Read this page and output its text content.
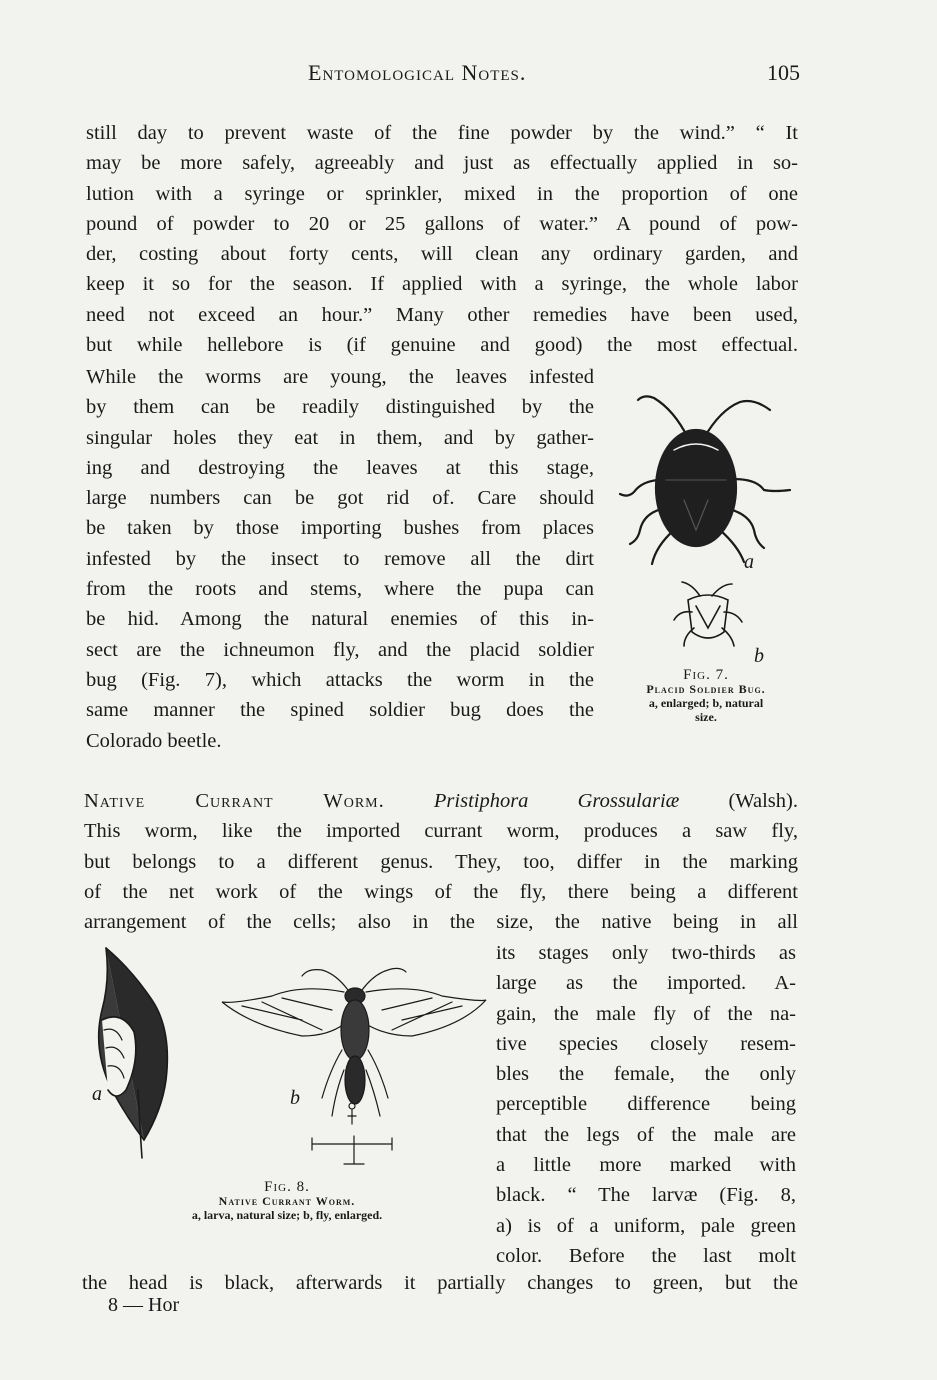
Entomological Notes.	105

still day to prevent waste of the fine powder by the wind.” “ It
may be more safely, agreeably and just as effectually applied in so-
lution with a syringe or sprinkler, mixed in the proportion of one
pound of powder to 20 or 25 gallons of water.” A pound of pow-
der, costing about forty cents, will clean any ordinary garden, and
keep it so for the season. If applied with a syringe, the whole labor
need not exceed an hour.” Many other remedies have been used,
but while hellebore is (if genuine and good) the most effectual.

While the worms are young, the leaves infested
by them can be readily distinguished by the
singular holes they eat in them, and by gather-
ing and destroying the leaves at this stage,
large numbers can be got rid of. Care should
be taken by those importing bushes from places
infested by the insect to remove all the dirt
from the roots and stems, where the pupa can
be hid. Among the natural enemies of this in-
sect are the ichneumon fly, and the placid soldier
bug (Fig. 7), which attacks the worm in the
same manner the spined soldier bug does the
Colorado beetle.

a
b
Fig. 7.
Placid Soldier Bug.
a, enlarged; b, natural
size.

Native Currant Worm. Pristiphora Grossulariæ (Walsh).
This worm, like the imported currant worm, produces a saw fly,
but belongs to a different genus. They, too, differ in the marking
of the net work of the wings of the fly, there being a different
arrangement of the cells; also in the size, the native being in all

a	b
Fig. 8.
Native Currant Worm.
a, larva, natural size; b, fly, enlarged.

its stages only two-thirds as
large as the imported. A-
gain, the male fly of the na-
tive species closely resem-
bles the female, the only
perceptible difference being
that the legs of the male are
a little more marked with
black. “ The larvæ (Fig. 8,
a) is of a uniform, pale green
color. Before the last molt

the head is black, afterwards it partially changes to green, but the

8 — Hor
